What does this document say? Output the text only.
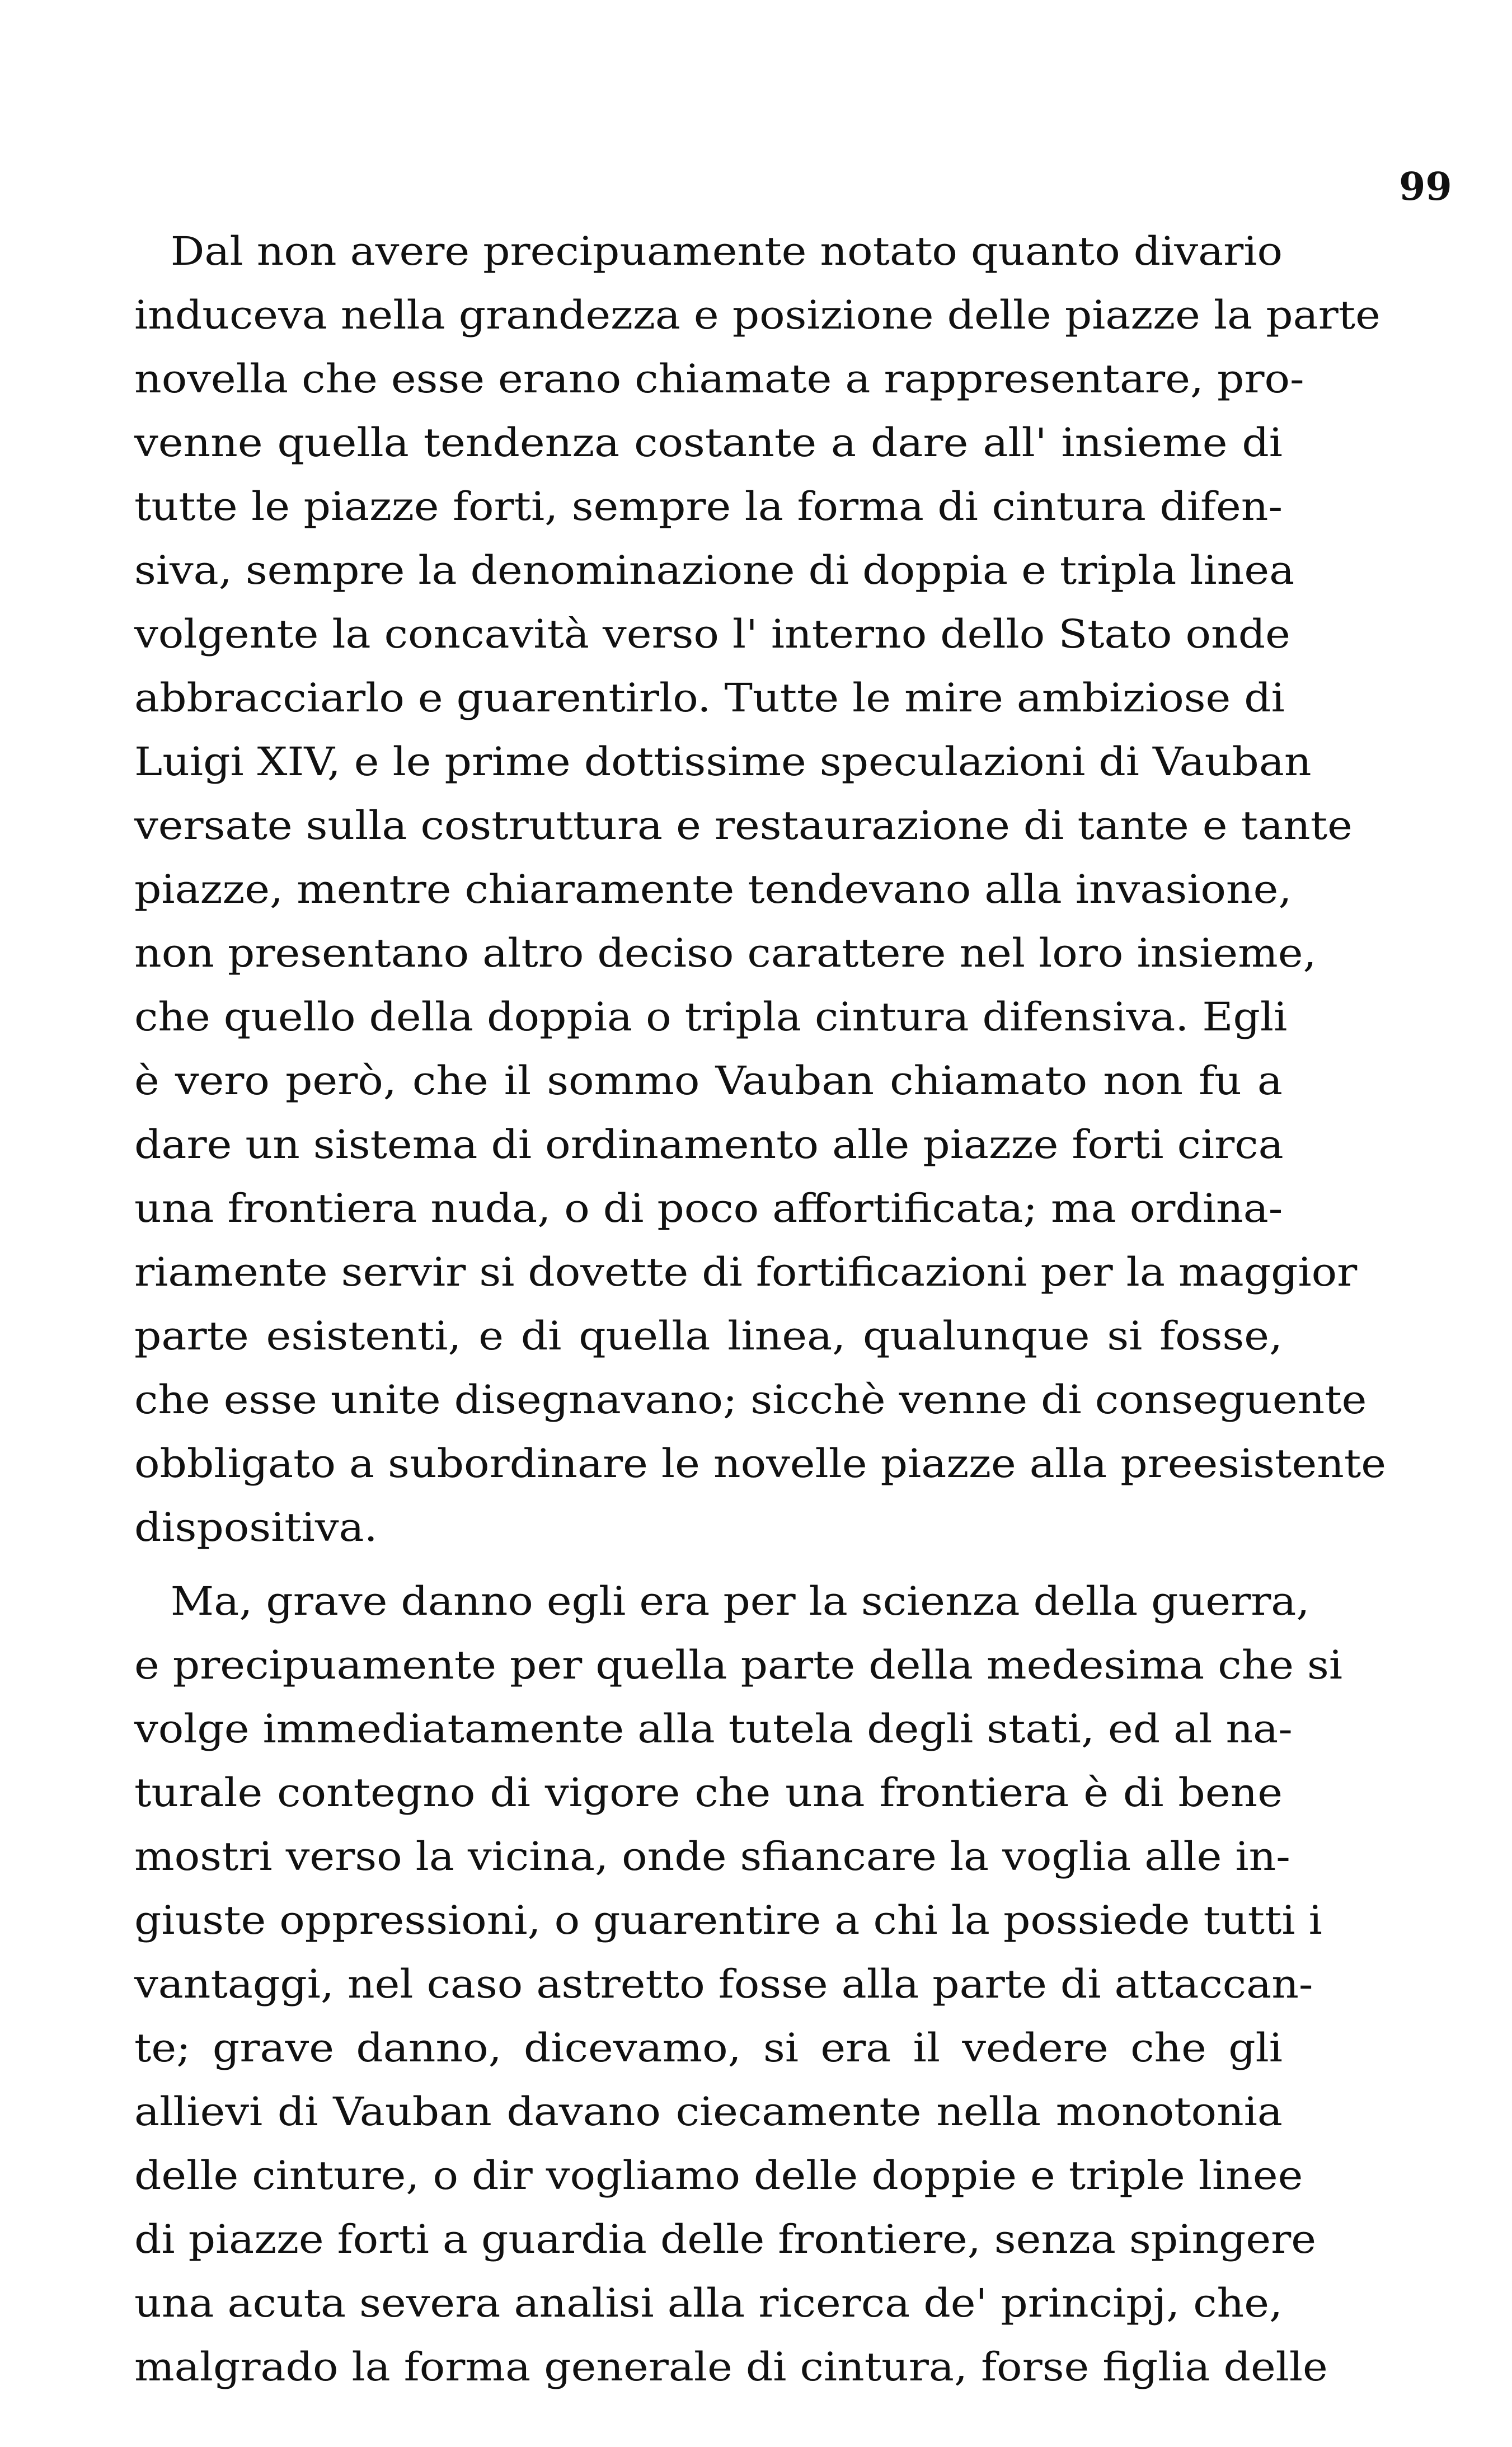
99
Dal non avere precipuamente notato quanto divario
induceva nella grandezza e posizione delle piazze la parte
novella che esse erano chiamate a rappresentare, pro-
venne quella tendenza costante a dare all' insieme di
tutte le piazze forti, sempre la forma di cintura difen-
siva, sempre la denominazione di doppia e tripla linea
volgente la concavità verso l' interno dello Stato onde
abbracciarlo e guarentirlo. Tutte le mire ambiziose di
Luigi XIV, e le prime dottissime speculazioni di Vauban
versate sulla costruttura e restaurazione di tante e tante
piazze, mentre chiaramente tendevano alla invasione,
non presentano altro deciso carattere nel loro insieme,
che quello della doppia o tripla cintura difensiva. Egli
è vero però, che il sommo Vauban chiamato non fu a
dare un sistema di ordinamento alle piazze forti circa
una frontiera nuda, o di poco affortificata; ma ordina-
riamente servir si dovette di fortificazioni per la maggior
parte esistenti, e di quella linea, qualunque si fosse,
che esse unite disegnavano; sicchè venne di conseguente
obbligato a subordinare le novelle piazze alla preesistente
dispositiva.
Ma, grave danno egli era per la scienza della guerra,
e precipuamente per quella parte della medesima che si
volge immediatamente alla tutela degli stati, ed al na-
turale contegno di vigore che una frontiera è di bene
mostri verso la vicina, onde sfiancare la voglia alle in-
giuste oppressioni, o guarentire a chi la possiede tutti i
vantaggi, nel caso astretto fosse alla parte di attaccan-
te; grave danno, dicevamo, si era il vedere che gli
allievi di Vauban davano ciecamente nella monotonia
delle cinture, o dir vogliamo delle doppie e triple linee
di piazze forti a guardia delle frontiere, senza spingere
una acuta severa analisi alla ricerca de' principj, che,
malgrado la forma generale di cintura, forse figlia delle
